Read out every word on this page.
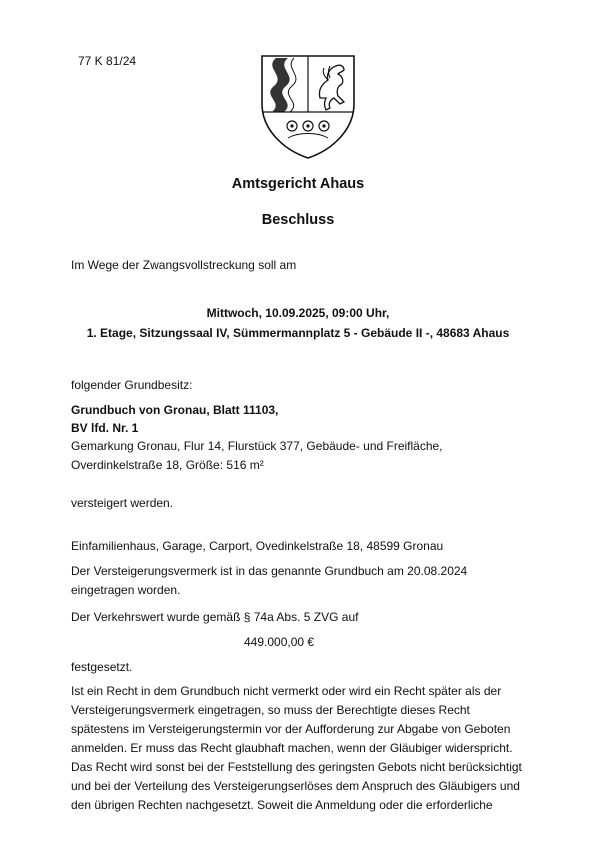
77 K 81/24
Amtsgericht Ahaus
Beschluss
Im Wege der Zwangsvollstreckung soll am
Mittwoch, 10.09.2025, 09:00 Uhr,
1. Etage, Sitzungssaal IV, Sümmermannplatz 5 - Gebäude II -, 48683 Ahaus
folgender Grundbesitz:
Grundbuch von Gronau, Blatt 11103,
BV lfd. Nr. 1
Gemarkung Gronau, Flur 14, Flurstück 377, Gebäude- und Freifläche,
Overdinkelstraße 18, Größe: 516 m²
versteigert werden.
Einfamilienhaus, Garage, Carport, Ovedinkelstraße 18, 48599 Gronau
Der Versteigerungsvermerk ist in das genannte Grundbuch am 20.08.2024
eingetragen worden.
Der Verkehrswert wurde gemäß § 74a Abs. 5 ZVG auf
449.000,00 €
festgesetzt.
Ist ein Recht in dem Grundbuch nicht vermerkt oder wird ein Recht später als der
Versteigerungsvermerk eingetragen, so muss der Berechtigte dieses Recht
spätestens im Versteigerungstermin vor der Aufforderung zur Abgabe von Geboten
anmelden. Er muss das Recht glaubhaft machen, wenn der Gläubiger widerspricht.
Das Recht wird sonst bei der Feststellung des geringsten Gebots nicht berücksichtigt
und bei der Verteilung des Versteigerungserlöses dem Anspruch des Gläubigers und
den übrigen Rechten nachgesetzt. Soweit die Anmeldung oder die erforderliche
